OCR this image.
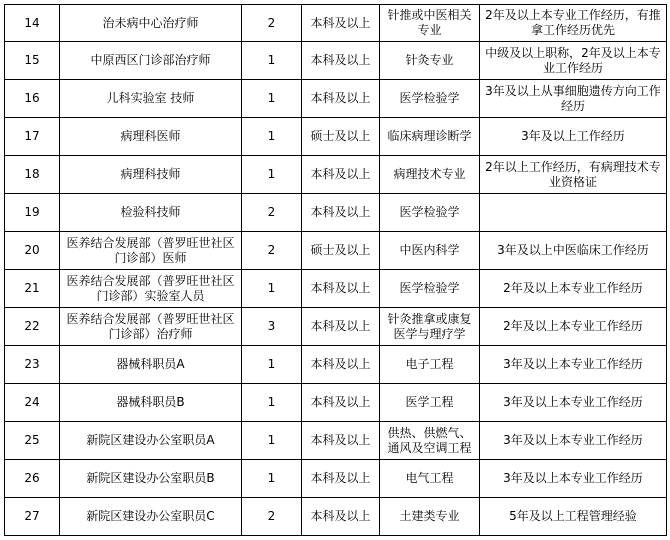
14	治未病中心治疗师	2	本科及以上	针推或中医相关专业	2年及以上本专业工作经历，有推拿工作经历优先
15	中原西区门诊部治疗师	1	本科及以上	针灸专业	中级及以上职称，2年及以上本专业工作经历
16	儿科实验室 技师	1	本科及以上	医学检验学	3年及以上从事细胞遗传方向工作经历
17	病理科医师	1	硕士及以上	临床病理诊断学	3年及以上工作经历
18	病理科技师	1	本科及以上	病理技术专业	2年以上工作经历，有病理技术专业资格证
19	检验科技师	2	本科及以上	医学检验学	
20	医养结合发展部（普罗旺世社区门诊部）医师	2	硕士及以上	中医内科学	3年及以上中医临床工作经历
21	医养结合发展部（普罗旺世社区门诊部）实验室人员	1	本科及以上	医学检验学	2年及以上本专业工作经历
22	医养结合发展部（普罗旺世社区门诊部）治疗师	3	本科及以上	针灸推拿或康复医学与理疗学	2年及以上本专业工作经历
23	器械科职员A	1	本科及以上	电子工程	3年及以上本专业工作经历
24	器械科职员B	1	本科及以上	医学工程	3年及以上本专业工作经历
25	新院区建设办公室职员A	1	本科及以上	供热、供燃气、通风及空调工程	3年及以上本专业工作经历
26	新院区建设办公室职员B	1	本科及以上	电气工程	3年及以上本专业工作经历
27	新院区建设办公室职员C	2	本科及以上	土建类专业	5年及以上工程管理经验
